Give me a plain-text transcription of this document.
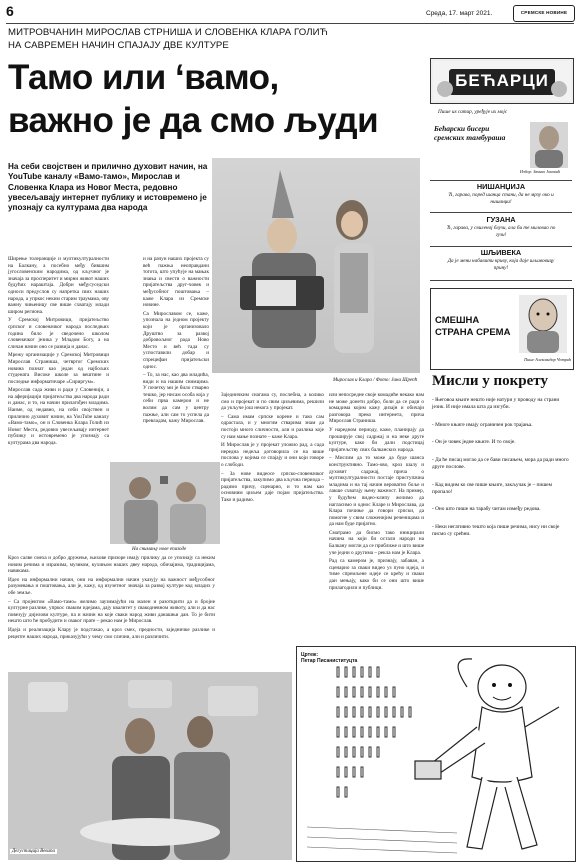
6	Среда, 17. март 2021.	СРЕМСКЕ НОВИНЕ
МИТРОВЧАНИН МИРОСЛАВ СТРНИША И СЛОВЕНКА КЛАРА ГОЛИЋ
НА САВРЕМЕН НАЧИН СПАЈАЈУ ДВЕ КУЛТУРЕ
Тамо или ‘вамо,
важно је да смо људи
На себи својствен и прилично духовит начин, на YouTube каналу «Вамо-тамо», Мирослав и Словенка Клара из Новог Места, редовно увесељавају интернет публику и истовремено је упознају са културама два народа
Мирослав и Клара / Фото: Јана Шрепћ

Ширење толеранције и мултикултуралности на Балкану, а посебно међу бившим југословенским народима, од кључног је значаја за просперитет и мирни живот наших будућих нараштаја. Добри међусуседски односи предуслов су напретка свих наших народа, а упркос неким старим траумама, ову важну чињеницу све више схватају млади широм региона.

У Сремској Митровици, пријатељство српског и словеначког народа последњих година било је сведочено школом словеначког језика у Младом Богу, а на сличан начин оно се развија и данас.

Мрежу организације у Сремској Митровици Мирослав Страниша, четвртог Сремских новина познат као један од најбољих студената Високе школе за вештине и последње информатичаре «Сириргум».

Мирослав сада живи и ради у Словенији, а на аферијацији пријатељства два народа ради и данас, и то, на начин прилагођен младима. Наиме, од недавно, на себи својствен и прилично духовит начин, на YouTube каналу «Вамо-тамо», он и Словенка Клара Голић из Новог Места, редовно увесељавају интернет публику и истовремено је упознају са културама два народа.

и на рачун наших пројекта су већ пажња неоправдани тогота, што упућује на мањак знања и свести о важности пријатељства друг-човек и међусобног поштовања – каже Клара из Сремске новине.

Са Мирославом се, каже, упознала на једном пројекту који је организовало Друштво за развој добровољног рада Ново Место и већ тада су успоставили добар и спрецифан пријатељски однос.

– То, за нас, као два младића, види и на нашим снимцима. У почетку ми је било стварно тешко, јер нисам особа која у себи прва камерои и не волим да сам у центру пажње, али сам то успела да превладам, кажу Мирослав.

На снимању нове епизоде

Кроз салве смеха и добро дружење, њихове призоре имају прилику да се упознају са неким новим речима и изразима, музиком, кухињом наших двеу народа, обичајима, традицијама, навикама.

Идео на информални начин, они на информални начин указују на важност међусобног разумевања и поштовања, али је, кажу, од изузетног значаја за развој културе код младих у обе земље.

– Са пројектом «Вамо-тамо» желимо заузимајући на мален и разоткрити да и бројне културне разлике, упркос сваким идејама, дају квалитет у свакодневном животу, али и да нас повезују дијелови културе, па и начин на које сваки народ живи данашњи дан. То је бити нешто што ће пробудити и сваког прате – рекао нам је Мирослав.

Идеја и реализација Клару је подстакао, а кроз смех, предности, заједничке разлике и рецепте наших народа, приказујући у чему смо слични, али и различити.

Заједничким снагама су, послебна, а колико смо и пројекат и по свим циљевима, решили да укључе још некога у пројекат.

– Сама имам српске корене и тако сам одрастала, и у многим стварима знам да постоји много сличности, али и разлика које су нам мање познате – каже Клара.

И Мирослав је у пројекат уложио рад, а сада нередна недеља договорила се на више послова у којима се спајају и они који говоре о слободи.

– За нове видеосе српско-словеначког пријатељства, закупимо два кључна периода – радимо причу, сценарио, и то нам као основним циљем даје појам пријатељства. Тако и радимо.

или непосредне своје комадиће некако нам не може донети добро, боли да се ради о комадима којим кажу дизајн и обичаји разговора преко интернета, прича Мирослав Страниша.

У наредном периоду, каже, планирају да проширује свој садржај и на неке друге културе, како би дали подстицај пријатељству свих балканских народа.

– Мислим да то може да буде шанса конструктивно. Тамо-ово, кроз шалу и духовит садржај, прича о мултикултуралности постаје приступачна младима и на тај начин вероватно боље и лакше схватају њену важност. На пример, у будућем видео-клипу желимо да нагласимо и однос Кларе и Мирослава, да Клара почиње да говори српски, да помогне у свим сложенијим реченицама и да нам буде пријатно.

Сматрамо да бисмо тако иницирали начина на који би остали народи на Балкану могли да се приближе и што више уче једни о другима – рекла нам је Клара.

Рад са камером је, признају, забаван, а сценарио за сваки видео уз пуно идеја, и тиме спремљене идеје се крећу и сваки дан мењају, како би се они што више прилагодили и публици.

Дегустација Вевапа
Цртеж:
Петар Писаниституцта
БЕЋАРЦИ
Пише их сатир, уређује их мојс
Бећарски бисери сремских тамбураша
Избор: Звонко Јоковић
НИШАНЏИЈА
Ћ, гарава, поред шанца стани, да не мрзу око и нишанџи!
ГУЗАНА
Ћ, гарава, у свиленој блузи, ала би те миловао по гузи!
ШЉИВЕКА
Да је мени набавити криву, која даје шљивовицу прину!
СМЕШНА
СТРАНА СРЕМА
Пише Александар Чотрић
Мисли у покрету
- Његовоа књиге нешто није натури у проводу на страни језик. И није имала шта да изгуби.
- Многе књиге имају ограничен рок трајања.
- Он је човек једне књиге. И то своје.
- Да ће писац могао да се бави писањем, мора да ради много друге послове.
- Кад видим ко све пише књиге, закључак је – пишем пропало!
- Оно што пише на тарабу читам између редова.
- Неки негативно тешто која пише речима, нису ни своје писмо су срећни.
